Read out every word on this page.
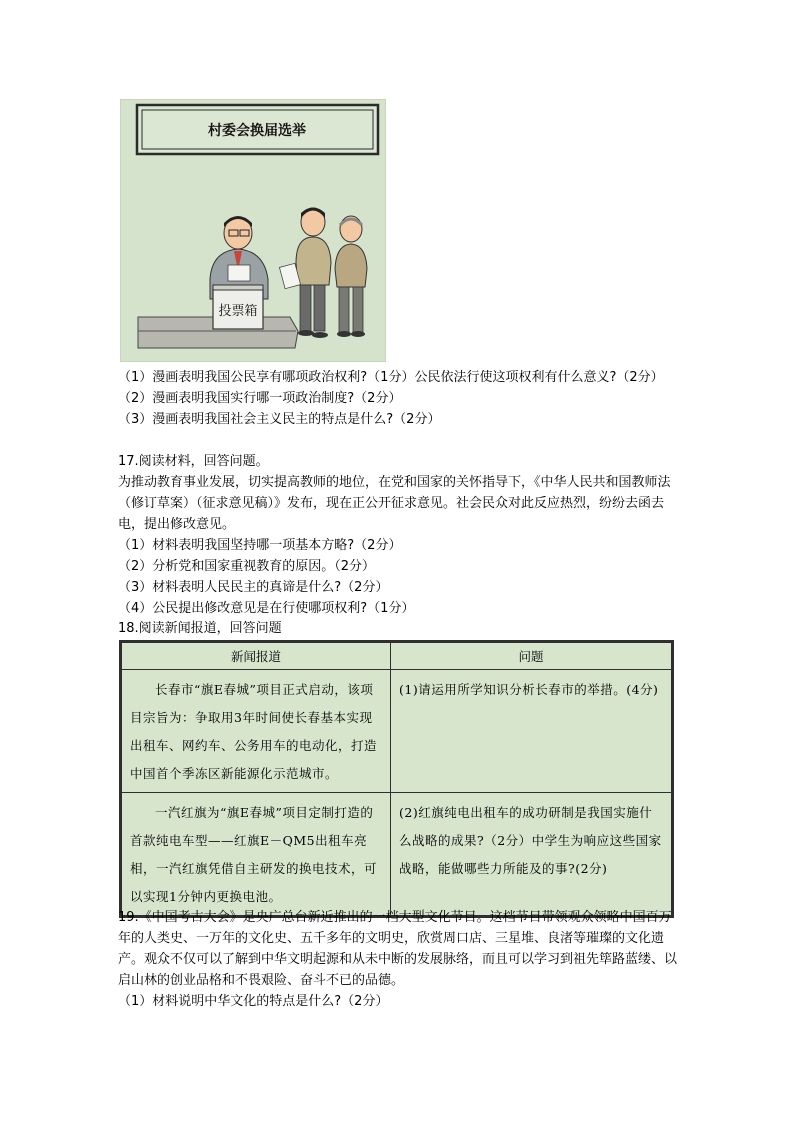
村委会换届选举
投票箱

（1）漫画表明我国公民享有哪项政治权利?（1分）公民依法行使这项权利有什么意义?（2分）

（2）漫画表明我国实行哪一项政治制度?（2分）

（3）漫画表明我国社会主义民主的特点是什么?（2分）

17.阅读材料，回答问题。

为推动教育事业发展，切实提高教师的地位，在党和国家的关怀指导下，《中华人民共和国教师法（修订草案）（征求意见稿）》发布，现在正公开征求意见。社会民众对此反应热烈，纷纷去函去电，提出修改意见。

（1）材料表明我国坚持哪一项基本方略?（2分）

（2）分析党和国家重视教育的原因。（2分）

（3）材料表明人民民主的真谛是什么?（2分）

（4）公民提出修改意见是在行使哪项权利?（1分）

18.阅读新闻报道，回答问题

新闻报道	问题
长春市“旗E春城”项目正式启动，该项目宗旨为：争取用3年时间使长春基本实现出租车、网约车、公务用车的电动化，打造中国首个季冻区新能源化示范城市。	(1)请运用所学知识分析长春市的举措。(4分)
一汽红旗为“旗E春城”项目定制打造的首款纯电车型——红旗E－QM5出租车亮相，一汽红旗凭借自主研发的换电技术，可以实现1分钟内更换电池。	(2)红旗纯电出租车的成功研制是我国实施什么战略的成果?（2分）中学生为响应这些国家战略，能做哪些力所能及的事?(2分)

19.《中国考古大会》是央广总台新近推出的一档大型文化节目。这档节目带领观众领略中国百万年的人类史、一万年的文化史、五千多年的文明史，欣赏周口店、三星堆、良渚等璀璨的文化遗产。观众不仅可以了解到中华文明起源和从未中断的发展脉络，而且可以学习到祖先筚路蓝缕、以启山林的创业品格和不畏艰险、奋斗不已的品德。

（1）材料说明中华文化的特点是什么?（2分）
